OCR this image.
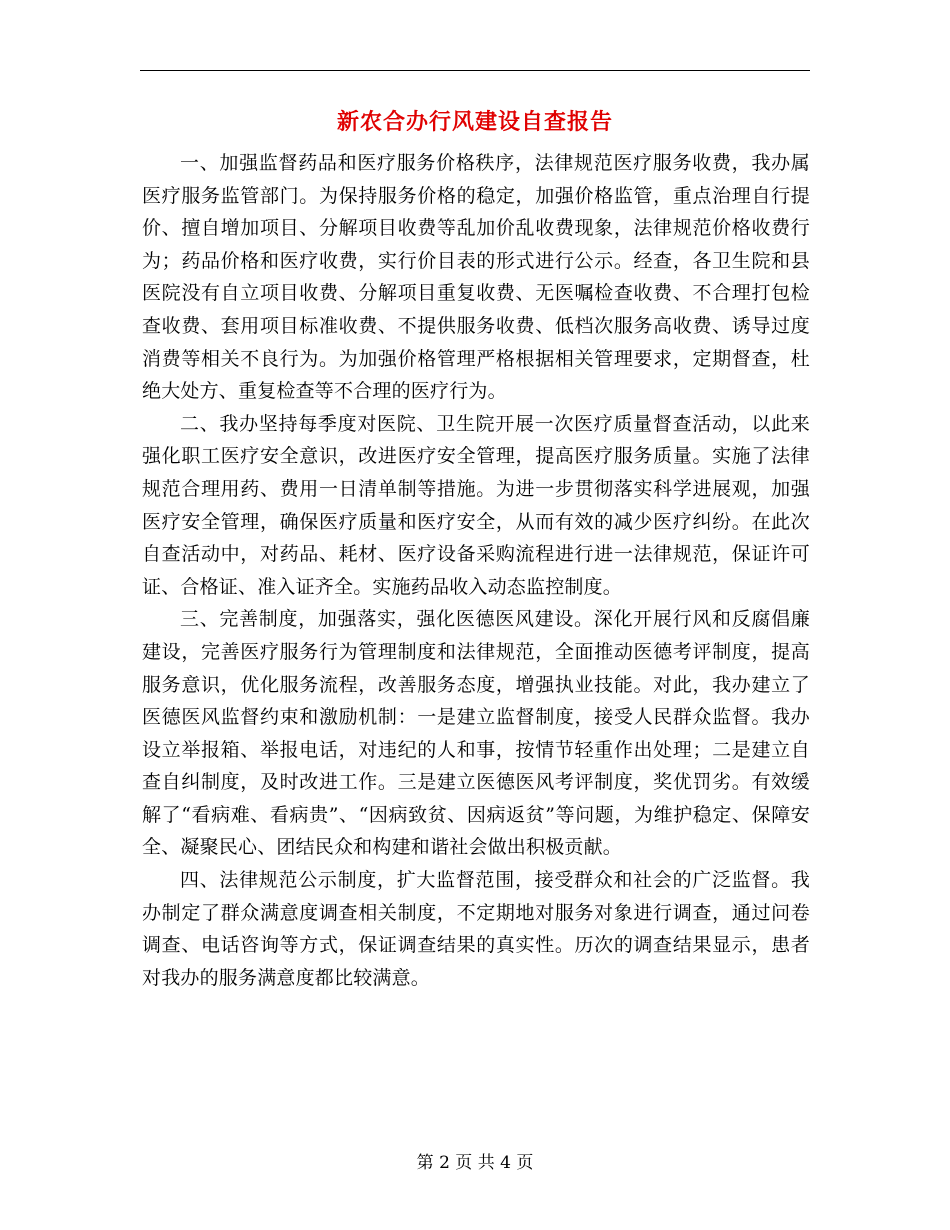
新农合办行风建设自查报告

一、加强监督药品和医疗服务价格秩序，法律规范医疗服务收费，我办属医疗服务监管部门。为保持服务价格的稳定，加强价格监管，重点治理自行提价、擅自增加项目、分解项目收费等乱加价乱收费现象，法律规范价格收费行为；药品价格和医疗收费，实行价目表的形式进行公示。经查，各卫生院和县医院没有自立项目收费、分解项目重复收费、无医嘱检查收费、不合理打包检查收费、套用项目标准收费、不提供服务收费、低档次服务高收费、诱导过度消费等相关不良行为。为加强价格管理严格根据相关管理要求，定期督查，杜绝大处方、重复检查等不合理的医疗行为。

二、我办坚持每季度对医院、卫生院开展一次医疗质量督查活动，以此来强化职工医疗安全意识，改进医疗安全管理，提高医疗服务质量。实施了法律规范合理用药、费用一日清单制等措施。为进一步贯彻落实科学进展观，加强医疗安全管理，确保医疗质量和医疗安全，从而有效的减少医疗纠纷。在此次自查活动中，对药品、耗材、医疗设备采购流程进行进一法律规范，保证许可证、合格证、准入证齐全。实施药品收入动态监控制度。

三、完善制度，加强落实，强化医德医风建设。深化开展行风和反腐倡廉建设，完善医疗服务行为管理制度和法律规范，全面推动医德考评制度，提高服务意识，优化服务流程，改善服务态度，增强执业技能。对此，我办建立了医德医风监督约束和激励机制：一是建立监督制度，接受人民群众监督。我办设立举报箱、举报电话，对违纪的人和事，按情节轻重作出处理；二是建立自查自纠制度，及时改进工作。三是建立医德医风考评制度，奖优罚劣。有效缓解了“看病难、看病贵”、“因病致贫、因病返贫”等问题，为维护稳定、保障安全、凝聚民心、团结民众和构建和谐社会做出积极贡献。

四、法律规范公示制度，扩大监督范围，接受群众和社会的广泛监督。我办制定了群众满意度调查相关制度，不定期地对服务对象进行调查，通过问卷调查、电话咨询等方式，保证调查结果的真实性。历次的调查结果显示，患者对我办的服务满意度都比较满意。

第 2 页 共 4 页
